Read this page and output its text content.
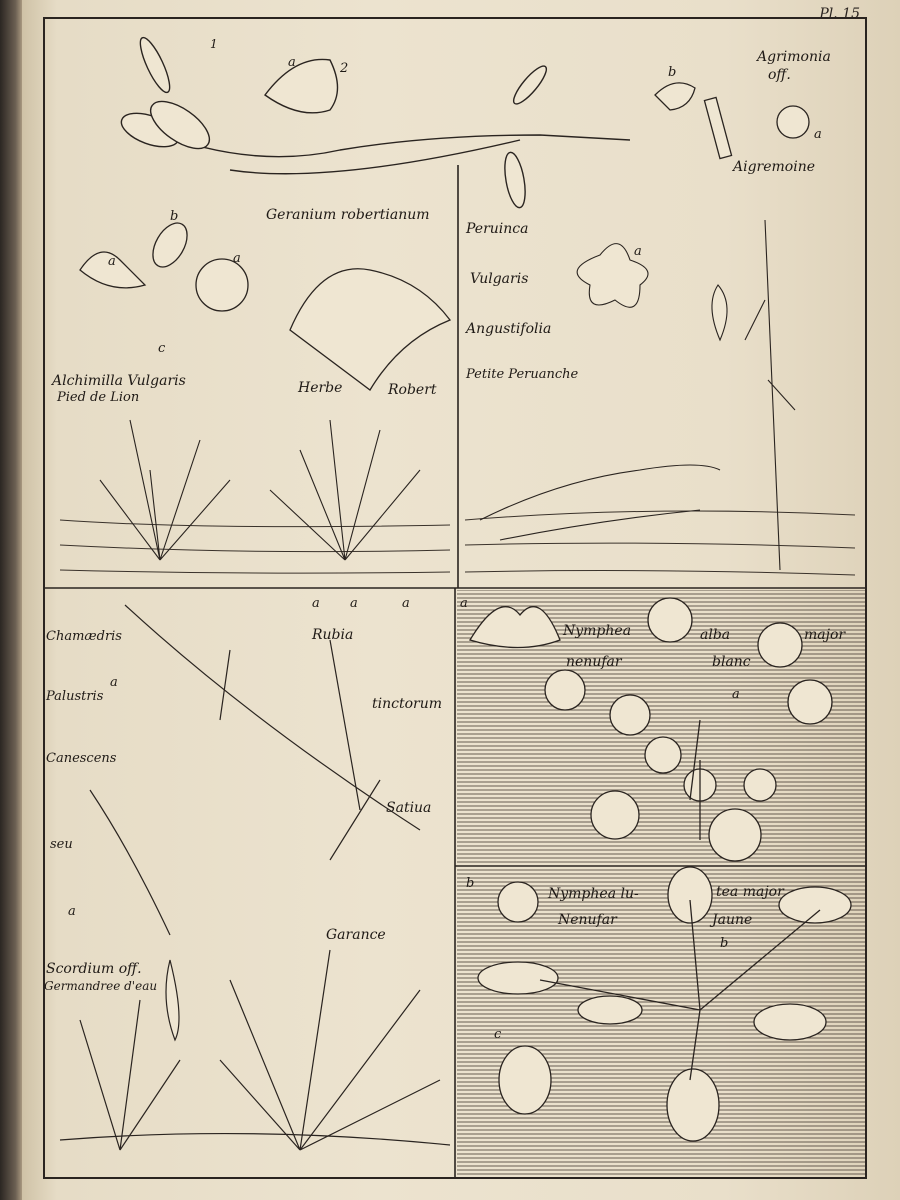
Pl. 15
Agrimonia
off.
Aigremoine
Geranium robertianum
Alchimilla Vulgaris
Pied de Lion
Herbe	Robert
Peruinca
Vulgaris
Angustifolia
Petite Peruanche
Chamædris
Palustris
Canescens
seu
Rubia
tinctorum
Satiua
Garance
Scordium off.
Germandree d'eau
Nymphea	alba	major
nenufar	blanc
Nymphea lu-	tea major
Nenufar	Jaune
1
a	2	b
a
b
a	a
c
a
a
a
a a	a	a
a
b
b
c
